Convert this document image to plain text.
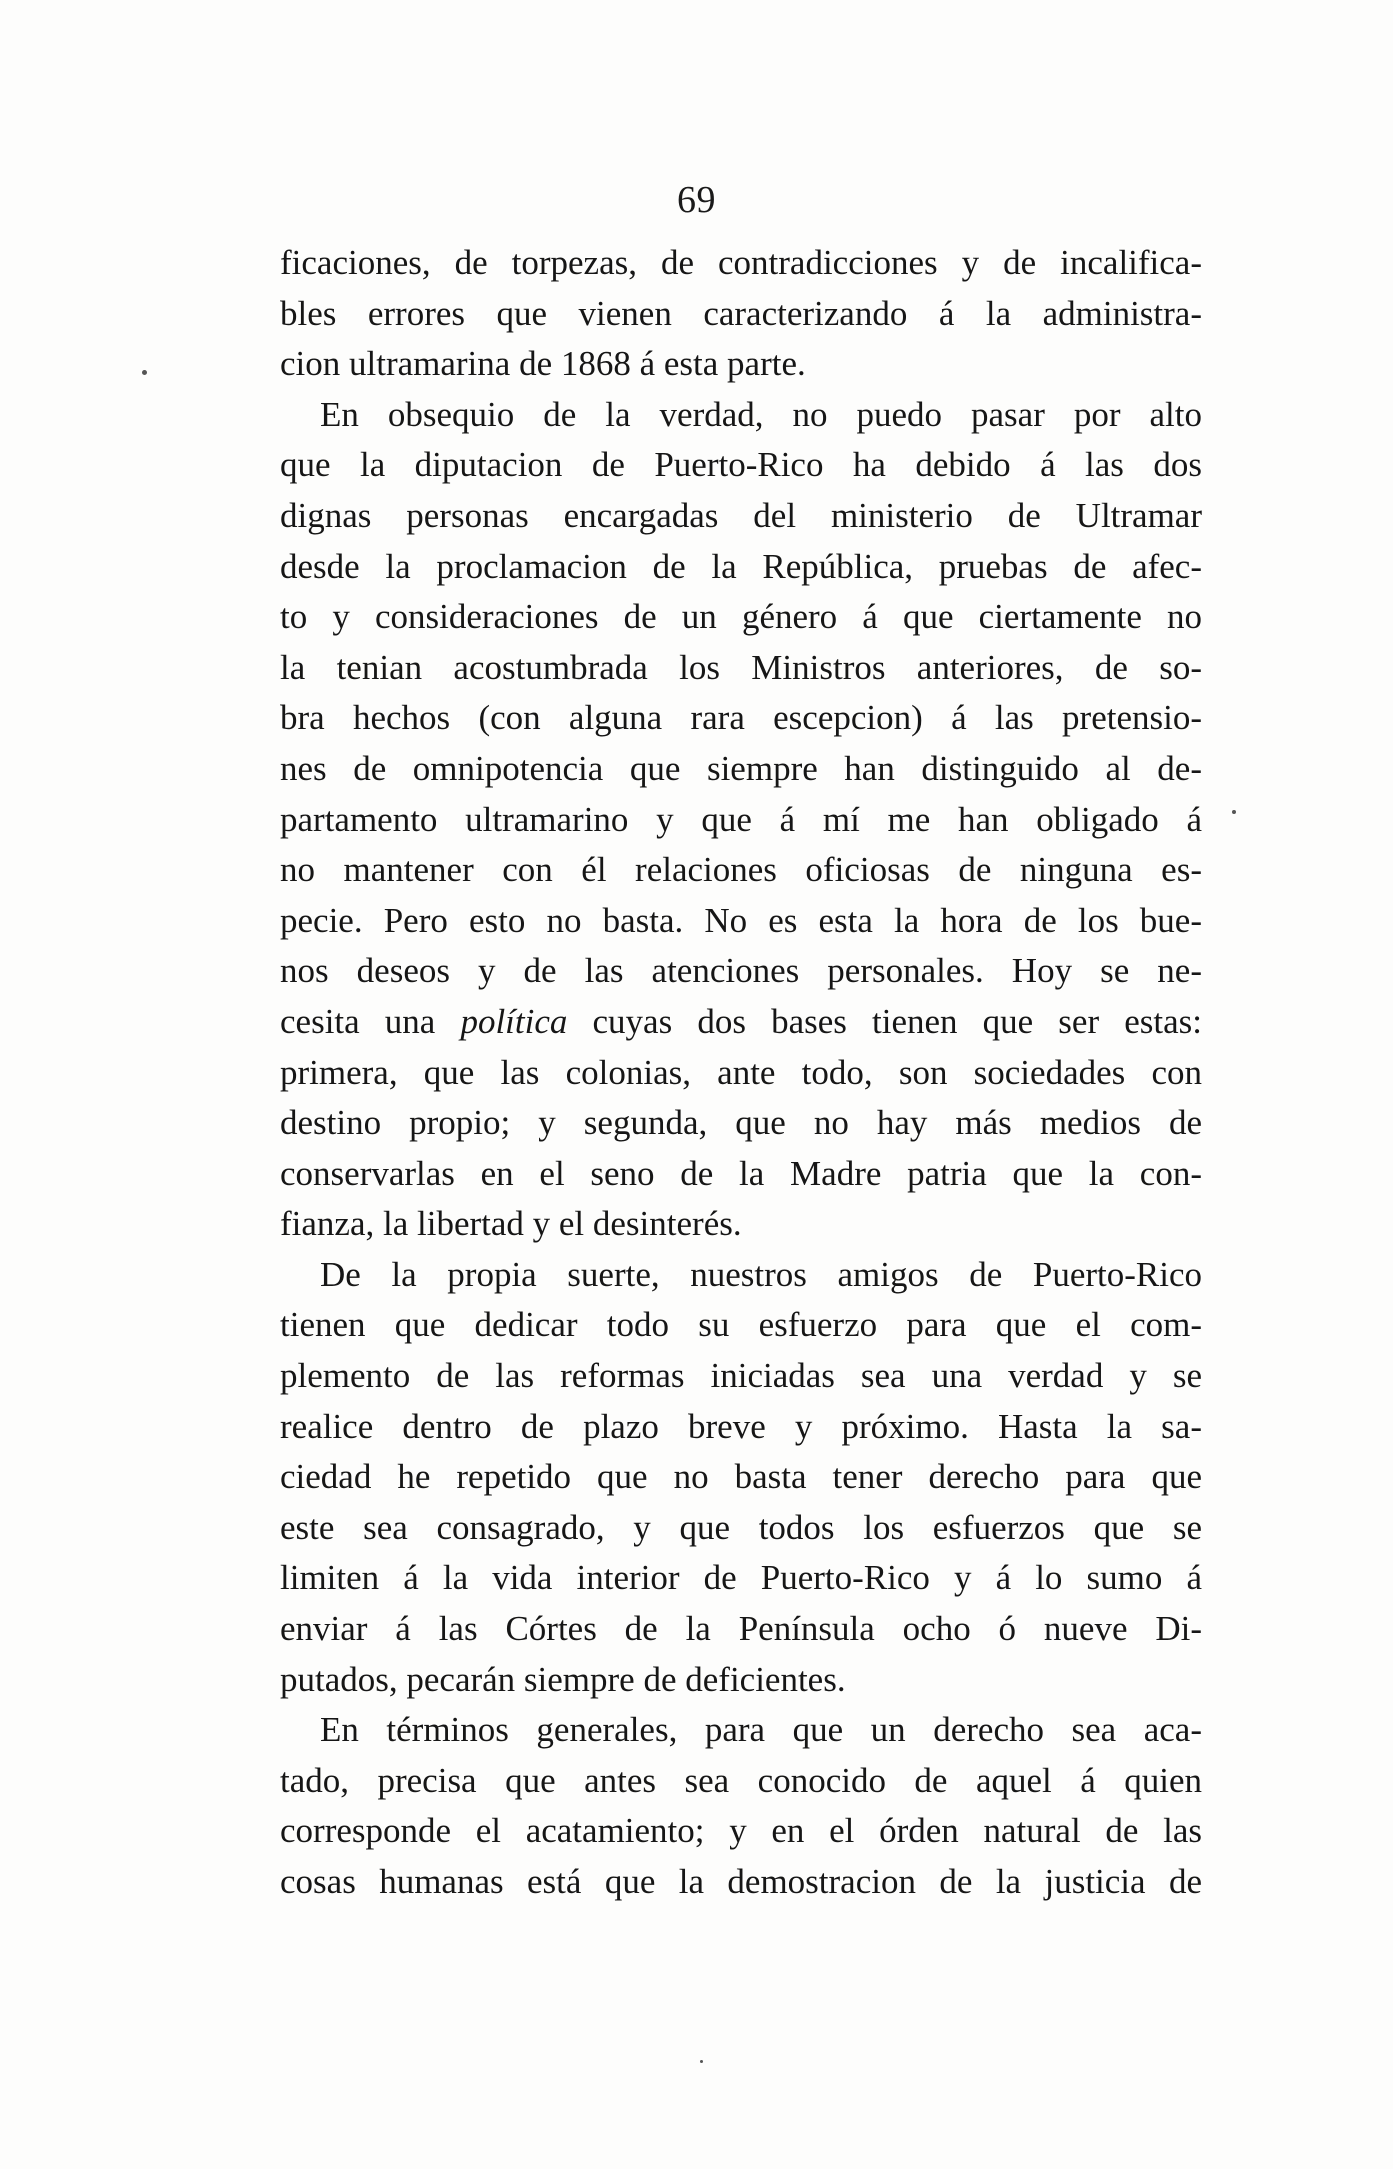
69
ficaciones, de torpezas, de contradicciones y de incalifica-
bles errores que vienen caracterizando á la administra-
cion ultramarina de 1868 á esta parte.
En obsequio de la verdad, no puedo pasar por alto
que la diputacion de Puerto-Rico ha debido á las dos
dignas personas encargadas del ministerio de Ultramar
desde la proclamacion de la República, pruebas de afec-
to y consideraciones de un género á que ciertamente no
la tenian acostumbrada los Ministros anteriores, de so-
bra hechos (con alguna rara escepcion) á las pretensio-
nes de omnipotencia que siempre han distinguido al de-
partamento ultramarino y que á mí me han obligado á
no mantener con él relaciones oficiosas de ninguna es-
pecie. Pero esto no basta. No es esta la hora de los bue-
nos deseos y de las atenciones personales. Hoy se ne-
cesita una política cuyas dos bases tienen que ser estas:
primera, que las colonias, ante todo, son sociedades con
destino propio; y segunda, que no hay más medios de
conservarlas en el seno de la Madre patria que la con-
fianza, la libertad y el desinterés.
De la propia suerte, nuestros amigos de Puerto-Rico
tienen que dedicar todo su esfuerzo para que el com-
plemento de las reformas iniciadas sea una verdad y se
realice dentro de plazo breve y próximo. Hasta la sa-
ciedad he repetido que no basta tener derecho para que
este sea consagrado, y que todos los esfuerzos que se
limiten á la vida interior de Puerto-Rico y á lo sumo á
enviar á las Córtes de la Península ocho ó nueve Di-
putados, pecarán siempre de deficientes.
En términos generales, para que un derecho sea aca-
tado, precisa que antes sea conocido de aquel á quien
corresponde el acatamiento; y en el órden natural de las
cosas humanas está que la demostracion de la justicia de
